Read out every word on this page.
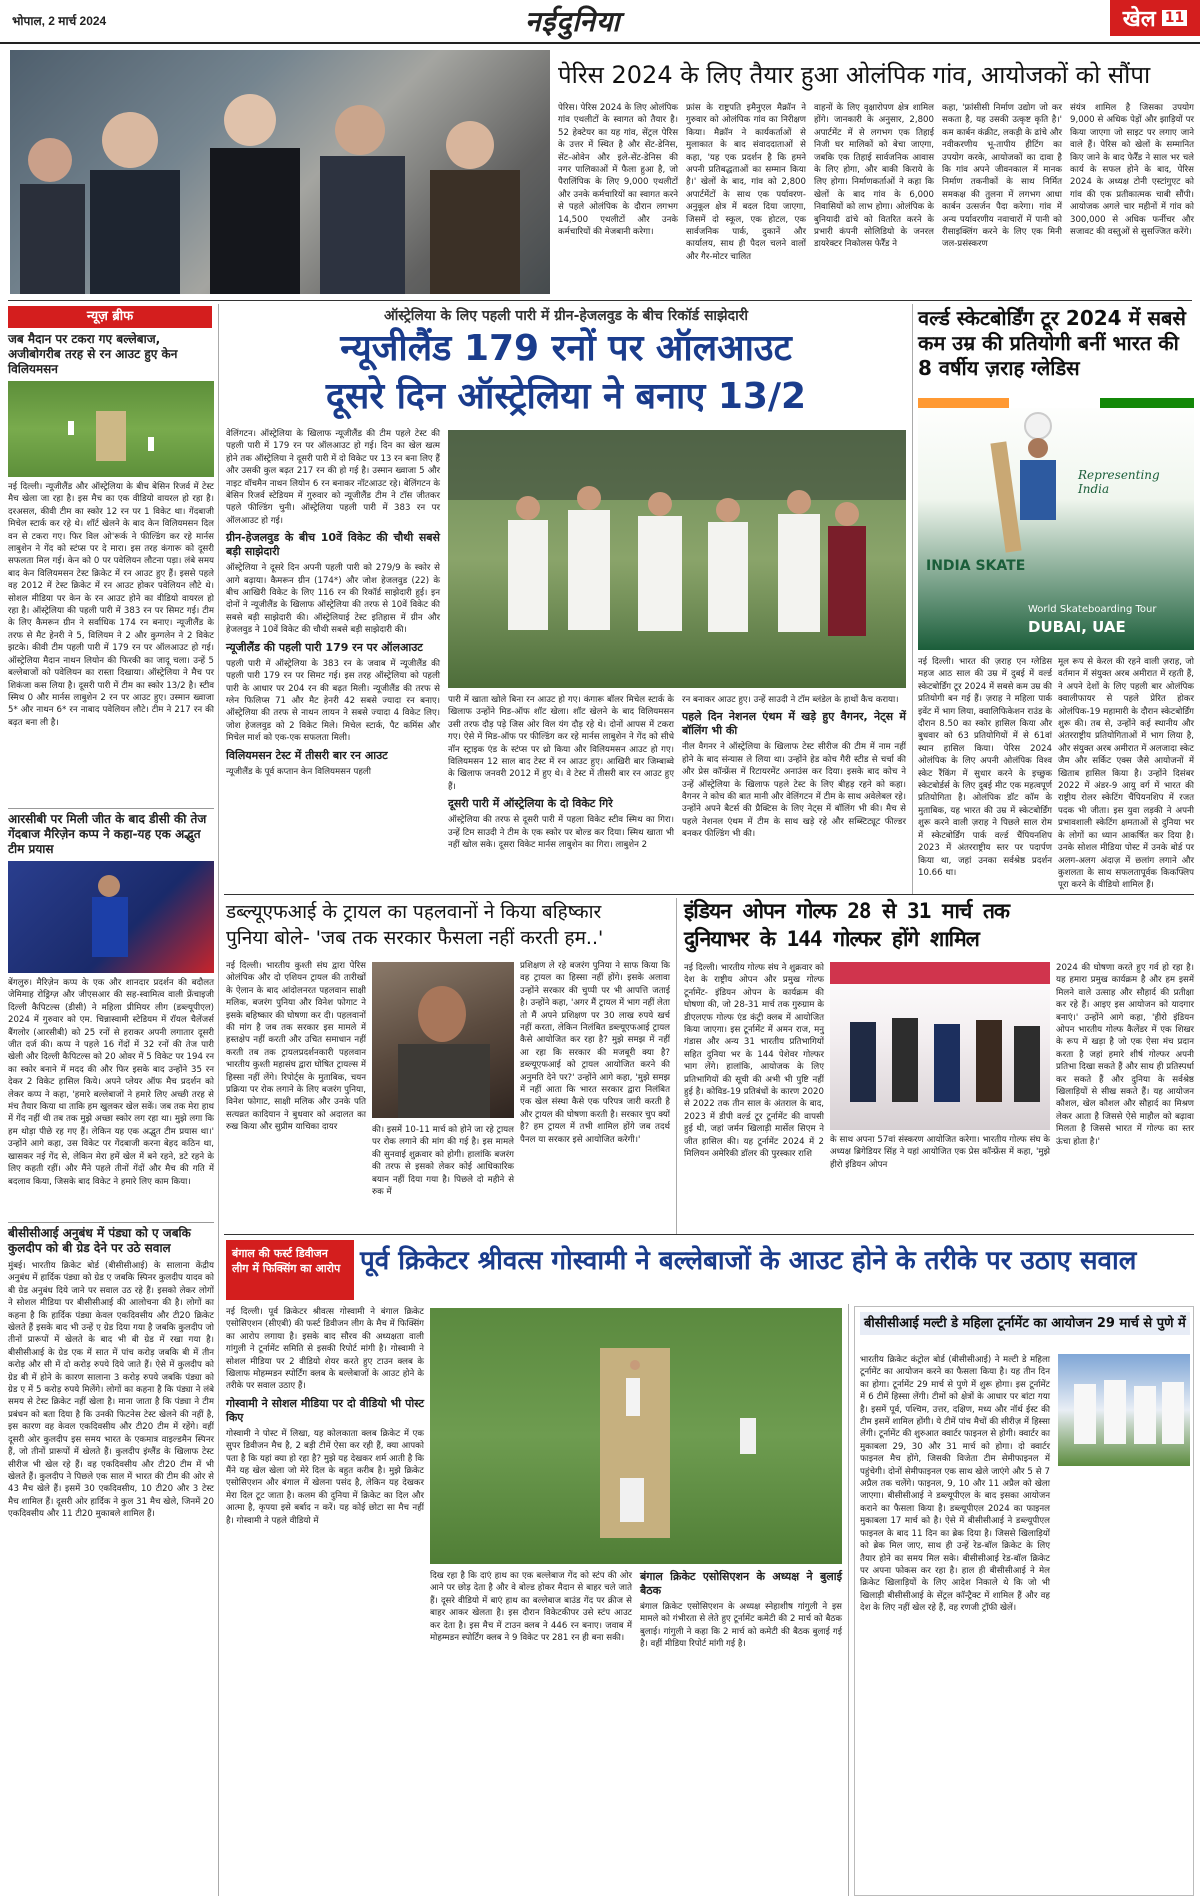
भोपाल, 2 मार्च 2024	नईदुनिया	खेल 11
पेरिस 2024 के लिए तैयार हुआ ओलंपिक गांव, आयोजकों को सौंपा
पेरिस। पेरिस 2024 के लिए ओलंपिक गांव एथलीटों के स्वागत को तैयार है। 52 हेक्टेयर का यह गांव, सेंट्रल पेरिस के उत्तर में स्थित है और सेंट-डेनिस, सेंट-ओवेन और इले-सेंट-डेनिस की नगर पालिकाओं में फैला हुआ है, जो पैरालिंपिक के लिए 9,000 एथलीटों और उनके कर्मचारियों का स्वागत करने से पहले ओलंपिक के दौरान लगभग 14,500 एथलीटों और उनके कर्मचारियों की मेजबानी करेगा।
फ्रांस के राष्ट्रपति इमैनुएल मैक्रॉन ने गुरुवार को ओलंपिक गांव का निरीक्षण किया। मैक्रॉन ने कार्यकर्ताओं से मुलाकात के बाद संवाददाताओं से कहा, 'यह एक प्रदर्शन है कि हमने अपनी प्रतिबद्धताओं का सम्मान किया है।' खेलों के बाद, गांव को 2,800 अपार्टमेंटों के साथ एक पर्यावरण-अनुकूल क्षेत्र में बदल दिया जाएगा, जिसमें दो स्कूल, एक होटल, एक सार्वजनिक पार्क, दुकानें और कार्यालय, साथ ही पैदल चलने वालों और गैर-मोटर चालित
वाहनों के लिए वृक्षारोपण क्षेत्र शामिल होंगे। जानकारी के अनुसार, 2,800 अपार्टमेंट में से लगभग एक तिहाई निजी घर मालिकों को बेचा जाएगा, जबकि एक तिहाई सार्वजनिक आवास के लिए होगा, और बाकी किराये के लिए होगा। निर्माणकर्ताओं ने कहा कि खेलों के बाद गांव के 6,000 निवासियों को लाभ होगा। ओलंपिक के बुनियादी ढांचे को वितरित करने के प्रभारी कंपनी सोलिडियो के जनरल डायरेक्टर निकोलस फेर्रैंड ने
कहा, 'फ्रांसीसी निर्माण उद्योग जो कर सकता है, यह उसकी उत्कृष्ट कृति है।' कम कार्बन कंक्रीट, लकड़ी के ढांचे और नवीकरणीय भू-तापीय हीटिंग का उपयोग करके, आयोजकों का दावा है कि गांव अपने जीवनकाल में मानक निर्माण तकनीकों के साथ निर्मित समकक्ष की तुलना में लगभग आधा कार्बन उत्सर्जन पैदा करेगा। गांव में अन्य पर्यावरणीय नवाचारों में पानी को रीसाइक्लिंग करने के लिए एक मिनी जल-प्रसंस्करण
संयंत्र शामिल है जिसका उपयोग 9,000 से अधिक पेड़ों और झाड़ियों पर किया जाएगा जो साइट पर लगाए जाने वाले हैं। पेरिस को खेलों के सम्मानित किए जाने के बाद फेर्रैंड ने साल भर चले कार्य के सफल होने के बाद, पेरिस 2024 के अध्यक्ष टोनी एस्टांगुएट को गांव की एक प्रतीकात्मक चाबी सौंपी। आयोजक अगले चार महीनों में गांव को 300,000 से अधिक फर्नीचर और सजावट की वस्तुओं से सुसज्जित करेंगे।
न्यूज़ ब्रीफ
जब मैदान पर टकरा गए बल्लेबाज, अजीबोगरीब तरह से रन आउट हुए केन विलियमसन
नई दिल्ली। न्यूजीलैंड और ऑस्ट्रेलिया के बीच बेसिन रिजर्व में टेस्ट मैच खेला जा रहा है। इस मैच का एक वीडियो वायरल हो रहा है। दरअसल, कीवी टीम का स्कोर 12 रन पर 1 विकेट था। गेंदबाजी मिचेल स्टार्क कर रहे थे। शॉर्ट खेलने के बाद केन विलियमसन दिल वन से टकरा गए। फिर विल ओ'रूर्क ने फील्डिंग कर रहे मार्नस लाबुशेन ने गेंद को स्टंप्स पर दे मारा। इस तरह कंगारू को दूसरी सफलता मिल गई। केन को 0 पर पवेलियन लौटना पड़ा। लंबे समय बाद केन विलियमसन टेस्ट क्रिकेट में रन आउट हुए हैं। इससे पहले वह 2012 में टेस्ट क्रिकेट में रन आउट होकर पवेलियन लौटे थे। सोशल मीडिया पर केन के रन आउट होने का वीडियो वायरल हो रहा है। ऑस्ट्रेलिया की पहली पारी में 383 रन पर सिमट गई। टीम के लिए कैमरून ग्रीन ने सर्वाधिक 174 रन बनाए। न्यूजीलैंड के तरफ से मैट हेनरी ने 5, विलियम ने 2 और कुग्गलेन ने 2 विकेट झटके। कीवी टीम पहली पारी में 179 रन पर ऑलआउट हो गई। ऑस्ट्रेलिया मैदान नाथन लियोन की फिरकी का जादू चला। उन्हें 5 बल्लेबाजों को पवेलियन का रास्ता दिखाया। ऑस्ट्रेलिया ने मैच पर शिकंजा कस लिया है। दूसरी पारी में टीम का स्कोर 13/2 है। स्टीव स्मिथ 0 और मार्नस लाबुशेन 2 रन पर आउट हुए। उस्मान ख्वाजा 5* और नाथन 6* रन नाबाद पवेलियन लौटे। टीम ने 217 रन की बढ़त बना ली है।
आरसीबी पर मिली जीत के बाद डीसी की तेज गेंदबाज मैरिज़ेन कप्प ने कहा-यह एक अद्भुत टीम प्रयास
बेंगलुरु। मैरिज़ेन कप्प के एक और शानदार प्रदर्शन की बदौलत जेमिमाह रोड्रिग्ज़ और जीएसआर की सह-स्वामित्व वाली फ्रेंचाइजी दिल्ली कैपिटल्स (डीसी) ने महिला प्रीमियर लीग (डब्ल्यूपीएल) 2024 में गुरुवार को एम. चिन्नास्वामी स्टेडियम में रॉयल चैलेंजर्स बैंगलोर (आरसीबी) को 25 रनों से हराकर अपनी लगातार दूसरी जीत दर्ज की। कप्प ने पहले 16 गेंदों में 32 रनों की तेज पारी खेली और दिल्ली कैपिटल्स को 20 ओवर में 5 विकेट पर 194 रन का स्कोर बनाने में मदद की और फिर इसके बाद उन्होंने 35 रन देकर 2 विकेट हासिल किये। अपने प्लेयर ऑफ मैच प्रदर्शन को लेकर कप्प ने कहा, 'हमारे बल्लेबाजों ने हमारे लिए अच्छी तरह से मंच तैयार किया था ताकि हम खुलकर खेल सकें। जब तक मेरा हाथ में गेंद नहीं थी तब तक मुझे अच्छा स्कोर लग रहा था। मुझे लगा कि हम थोड़ा पीछे रह गए हैं। लेकिन यह एक अद्भुत टीम प्रयास था।' उन्होंने आगे कहा, उस विकेट पर गेंदबाजी करना बेहद कठिन था, खासकर नई गेंद से, लेकिन मेरा हमें खेल में बने रहने, डटे रहने के लिए कहती रहीं। और मैंने पहले तीनों गेंदों और मैच की गति में बदलाव किया, जिसके बाद विकेट ने हमारे लिए काम किया।
बीसीसीआई अनुबंध में पंड्या को ए जबकि कुलदीप को बी ग्रेड देने पर उठे सवाल
मुंबई। भारतीय क्रिकेट बोर्ड (बीसीसीआई) के सालाना केंद्रीय अनुबंध में हार्दिक पंड्या को ग्रेड ए जबकि स्पिनर कुलदीप यादव को बी ग्रेड अनुबंध दिये जाने पर सवाल उठ रहे हैं। इसको लेकर लोगों ने सोशल मीडिया पर बीसीसीआई की आलोचना की है। लोगों का कहना है कि हार्दिक पंड्या केवल एकदिवसीय और टी20 क्रिकेट खेलते हैं इसके बाद भी उन्हें ए ग्रेड दिया गया है जबकि कुलदीप जो तीनों प्रारूपों में खेलते के बाद भी बी ग्रेड में रखा गया है। बीसीसीआई के ग्रेड एक में सात में पांच करोड़ जबकि बी में तीन करोड़ और सी में दो करोड़ रुपये दिये जाते हैं। ऐसे में कुलदीप को ग्रेड बी में होने के कारण सालाना 3 करोड़ रुपये जबकि पंड्या को ग्रेड ए में 5 करोड़ रुपये मिलेंगे। लोगों का कहना है कि पंड्या ने लंबे समय से टेस्ट क्रिकेट नहीं खेला है। माना जाता है कि पंड्या ने टीम प्रबंधन को बता दिया है कि उनकी फिटनेस टेस्ट खेलने की नहीं है, इस कारण वह केवल एकदिवसीय और टी20 टीम में रहेंगे। वहीं दूसरी ओर कुलदीप इस समय भारत के एकमात्र वाइल्डमैन स्पिनर हैं, जो तीनों प्रारूपों में खेलते हैं। कुलदीप इंग्लैंड के खिलाफ टेस्ट सीरीज भी खेल रहे हैं। वह एकदिवसीय और टी20 टीम में भी खेलते हैं। कुलदीप ने पिछले एक साल में भारत की टीम की ओर से 43 मैच खेले हैं। इसमें 30 एकदिवसीय, 10 टी20 और 3 टेस्ट मैच शामिल हैं। दूसरी ओर हार्दिक ने कुल 31 मैच खेले, जिनमें 20 एकदिवसीय और 11 टी20 मुकाबले शामिल हैं।
ऑस्ट्रेलिया के लिए पहली पारी में ग्रीन-हेजलवुड के बीच रिकॉर्ड साझेदारी
न्यूजीलैंड 179 रनों पर ऑलआउट
दूसरे दिन ऑस्ट्रेलिया ने बनाए 13/2
वेलिंगटन। ऑस्ट्रेलिया के खिलाफ न्यूजीलैंड की टीम पहले टेस्ट की पहली पारी में 179 रन पर ऑलआउट हो गई। दिन का खेल खत्म होने तक ऑस्ट्रेलिया ने दूसरी पारी में दो विकेट पर 13 रन बना लिए हैं और उसकी कुल बढ़त 217 रन की हो गई है। उस्मान ख्वाजा 5 और नाइट वॉचमैन नाथन लियोन 6 रन बनाकर नॉटआउट रहे। बेलिंगटन के बेसिन रिजर्व स्टेडियम में गुरुवार को न्यूजीलैंड टीम ने टॉस जीतकर पहले फील्डिंग चुनी। ऑस्ट्रेलिया पहली पारी में 383 रन पर ऑलआउट हो गई।
ग्रीन-हेजलवुड के बीच 10वें विकेट की चौथी सबसे बड़ी साझेदारी
ऑस्ट्रेलिया ने दूसरे दिन अपनी पहली पारी को 279/9 के स्कोर से आगे बढ़ाया। कैमरून ग्रीन (174*) और जोश हेजलवुड (22) के बीच आखिरी विकेट के लिए 116 रन की रिकॉर्ड साझेदारी हुई। इन दोनों ने न्यूजीलैंड के खिलाफ ऑस्ट्रेलिया की तरफ से 10वें विकेट की सबसे बड़ी साझेदारी की। ऑस्ट्रेलियाई टेस्ट इतिहास में ग्रीन और हेजलवुड ने 10वें विकेट की चौथी सबसे बड़ी साझेदारी की।
न्यूजीलैंड की पहली पारी 179 रन पर ऑलआउट
पहली पारी में ऑस्ट्रेलिया के 383 रन के जवाब में न्यूजीलैंड की पहली पारी 179 रन पर सिमट गई। इस तरह ऑस्ट्रेलिया को पहली पारी के आधार पर 204 रन की बढ़त मिली। न्यूजीलैंड की तरफ से ग्लेन फिलिप्स 71 और मैट हेनरी 42 सबसे ज्यादा रन बनाए। ऑस्ट्रेलिया की तरफ से नाथन लायन ने सबसे ज्यादा 4 विकेट लिए। जोश हेजलवुड को 2 विकेट मिले। मिचेल स्टार्क, पैट कमिंस और मिचेल मार्श को एक-एक सफलता मिली।
विलियमसन टेस्ट में तीसरी बार रन आउट
न्यूजीलैंड के पूर्व कप्तान केन विलियमसन पहली
पारी में खाता खोले बिना रन आउट हो गए। कंगारू बॉलर मिचेल स्टार्क के खिलाफ उन्होंने मिड-ऑफ शॉट खेला। शॉट खेलने के बाद विलियमसन उसी तरफ दौड़ पड़े जिस ओर विल यंग दौड़ रहे थे। दोनों आपस में टकरा गए। ऐसे में मिड-ऑफ पर फील्डिंग कर रहे मार्नस लाबुशेन ने गेंद को सीधे नॉन स्ट्राइक एंड के स्टंप्स पर थ्रो किया और विलियमसन आउट हो गए। विलियमसन 12 साल बाद टेस्ट में रन आउट हुए। आखिरी बार जिम्बाब्वे के खिलाफ जनवरी 2012 में हुए थे। वे टेस्ट में तीसरी बार रन आउट हुए हैं।
दूसरी पारी में ऑस्ट्रेलिया के दो विकेट गिरे
ऑस्ट्रेलिया की तरफ से दूसरी पारी में पहला विकेट स्टीव स्मिथ का गिरा। उन्हें टिम साउदी ने टीम के एक स्कोर पर बोल्ड कर दिया। स्मिथ खाता भी नहीं खोल सके। दूसरा विकेट मार्नस लाबुशेन का गिरा। लाबुशेन 2
रन बनाकर आउट हुए। उन्हें साउदी ने टॉम ब्लंडेल के हाथों कैच कराया।
पहले दिन नेशनल एंथम में खड़े हुए वैगनर, नेट्स में बॉलिंग भी की
नील वैगनर ने ऑस्ट्रेलिया के खिलाफ टेस्ट सीरीज की टीम में नाम नहीं होने के बाद संन्यास ले लिया था। उन्होंने हेड कोच गैरी स्टीड से चर्चा की और प्रेस कॉन्फ्रेंस में रिटायरमेंट अनाउंस कर दिया। इसके बाद कोच ने उन्हें ऑस्ट्रेलिया के खिलाफ पहले टेस्ट के लिए बीहड़ रहने को कहा। वैगनर ने कोच की बात मानी और वेलिंगटन में टीम के साथ अवेलेबल रहे। उन्होंने अपने बैटर्स की प्रैक्टिस के लिए नेट्स में बॉलिंग भी की। मैच से पहले नेशनल एंथम में टीम के साथ खड़े रहे और सब्स्टिट्यूट फील्डर बनकर फील्डिंग भी की।
वर्ल्ड स्केटबोर्डिंग टूर 2024 में सबसे कम उम्र की प्रतियोगी बनीं भारत की 8 वर्षीय ज़राह ग्लेडिस
Representing India
INDIA SKATE
World Skateboarding Tour
DUBAI, UAE
नई दिल्ली। भारत की ज़राह एन ग्लेडिस महज आठ साल की उम्र में दुबई में वर्ल्ड स्केटबोर्डिंग टूर 2024 में सबसे कम उम्र की प्रतियोगी बन गई हैं। ज़राह ने महिला पार्क इवेंट में भाग लिया, क्वालिफिकेशन राउंड के दौरान 8.50 का स्कोर हासिल किया और बुधवार को 63 प्रतियोगियों में से 61वां स्थान हासिल किया। पेरिस 2024 ओलंपिक के लिए अपनी ओलंपिक विश्व स्केट रैंकिंग में सुधार करने के इच्छुक स्केटबोर्डर्स के लिए दुबई मीट एक महत्वपूर्ण प्रतियोगिता है। ओलंपिक डॉट कॉम के मुताबिक, यह भारत की उम्र में स्केटबोर्डिंग शुरू करने वाली ज़राह ने पिछले साल रोम में स्केटबोर्डिंग पार्क वर्ल्ड चैंपियनशिप 2023 में अंतरराष्ट्रीय स्तर पर पदार्पण किया था, जहां उनका सर्वश्रेष्ठ प्रदर्शन 10.66 था।
मूल रूप से केरल की रहने वाली ज़राह, जो वर्तमान में संयुक्त अरब अमीरात में रहती हैं, ने अपने देशों के लिए पहली बार ओलंपिक क्वालीफायर से पहले प्रेरित होकर ओलंपिक-19 महामारी के दौरान स्केटबोर्डिंग शुरू की। तब से, उन्होंने कई स्थानीय और अंतरराष्ट्रीय प्रतियोगिताओं में भाग लिया है, और संयुक्त अरब अमीरात में अलजादा स्केट जैम और सर्किट एक्स जैसे आयोजनों में खिताब हासिल किया है। उन्होंने दिसंबर 2022 में अंडर-9 आयु वर्ग में भारत की राष्ट्रीय रोलर स्केटिंग चैंपियनशिप में रजत पदक भी जीता। इस युवा लड़की ने अपनी प्रभावशाली स्केटिंग क्षमताओं से दुनिया भर के लोगों का ध्यान आकर्षित कर दिया है। उनके सोशल मीडिया पोस्ट में उनके बोर्ड पर अलग-अलग अंदाज़ में छलांग लगाने और कुशलता के साथ सफलतापूर्वक किकफ्लिप पूरा करने के वीडियो शामिल हैं।
डब्ल्यूएफआई के ट्रायल का पहलवानों ने किया बहिष्कार
पुनिया बोले- 'जब तक सरकार फैसला नहीं करती हम..'
नई दिल्ली। भारतीय कुश्ती संघ द्वारा पेरिस ओलंपिक और दो एशियन ट्रायल की तारीखों के ऐलान के बाद आंदोलनरत पहलवान साक्षी मलिक, बजरंग पुनिया और विनेश फोगाट ने इसके बहिष्कार की घोषणा कर दी। पहलवानों की मांग है जब तक सरकार इस मामले में हस्तक्षेप नहीं करती और उचित समाधान नहीं करती तब तक ट्रायलप्रदर्शनकारी पहलवान भारतीय कुश्ती महासंघ द्वारा घोषित ट्रायल्स में हिस्सा नहीं लेंगे। रिपोर्ट्स के मुताबिक, चयन प्रक्रिया पर रोक लगाने के लिए बजरंग पुनिया, विनेश फोगाट, साक्षी मलिक और उनके पति सत्यव्रत कादियान ने बुधवार को अदालत का रुख किया और सुप्रीम याचिका दायर	की। इसमें 10-11 मार्च को होने जा रहे ट्रायल पर रोक लगाने की मांग की गई है। इस मामले की सुनवाई शुक्रवार को होगी। हालांकि बजरंग की तरफ से इसको लेकर कोई आधिकारिक बयान नहीं दिया गया है। पिछले दो महीने से रुक में
प्रशिक्षण ले रहे बजरंग पुनिया ने साफ किया कि वह ट्रायल का हिस्सा नहीं होंगे। इसके अलावा उन्होंने सरकार की चुप्पी पर भी आपत्ति जताई है। उन्होंने कहा, 'अगर मैं ट्रायल में भाग नहीं लेता तो मैं अपने प्रशिक्षण पर 30 लाख रुपये खर्च नहीं करता, लेकिन निलंबित डब्ल्यूएफआई ट्रायल कैसे आयोजित कर रहा है? मुझे समझ में नहीं आ रहा कि सरकार की मजबूरी क्या है? डब्ल्यूएफआई को ट्रायल आयोजित करने की अनुमति देने पर?' उन्होंने आगे कहा, 'मुझे समझ में नहीं आता कि भारत सरकार द्वारा निलंबित एक खेल संस्था कैसे एक परिपत्र जारी करती है और ट्रायल की घोषणा करती है। सरकार चुप क्यों है? हम ट्रायल में तभी शामिल होंगे जब तदर्थ पैनल या सरकार इसे आयोजित करेगी।'
इंडियन ओपन गोल्फ 28 से 31 मार्च तक
दुनियाभर के 144 गोल्फर होंगे शामिल
नई दिल्ली। भारतीय गोल्फ संघ ने शुक्रवार को देश के राष्ट्रीय ओपन और प्रमुख गोल्फ टूर्नामेंट- इंडियन ओपन के कार्यक्रम की घोषणा की, जो 28-31 मार्च तक गुरुग्राम के डीएलएफ गोल्फ एंड कंट्री क्लब में आयोजित किया जाएगा। इस टूर्नामेंट में अमन राज, मनु गंडास और अन्य 31 भारतीय प्रतिभागियों सहित दुनिया भर के 144 पेशेवर गोल्फर भाग लेंगे। हालांकि, आयोजक के लिए प्रतिभागियों की सूची की अभी भी पुष्टि नहीं हुई है। कोविड-19 प्रतिबंधों के कारण 2020 से 2022 तक तीन साल के अंतराल के बाद, 2023 में डीपी वर्ल्ड टूर टूर्नामेंट की वापसी हुई थी, जहां जर्मन खिलाड़ी मार्सेल सिएम ने जीत हासिल की। यह टूर्नामेंट 2024 में 2 मिलियन अमेरिकी डॉलर की पुरस्कार राशि
के साथ अपना 57वां संस्करण आयोजित करेगा। भारतीय गोल्फ संघ के अध्यक्ष ब्रिगेडियर सिंह ने यहां आयोजित एक प्रेस कॉन्फ्रेंस में कहा, 'मुझे हीरो इंडियन ओपन
2024 की घोषणा करते हुए गर्व हो रहा है। यह हमारा प्रमुख कार्यक्रम है और हम इसमें मिलने वाले उत्साह और सौहार्द की प्रतीक्षा कर रहे हैं। आइए इस आयोजन को यादगार बनाएं।' उन्होंने आगे कहा, 'हीरो इंडियन ओपन भारतीय गोल्फ कैलेंडर में एक शिखर के रूप में खड़ा है जो एक ऐसा मंच प्रदान करता है जहां हमारे शीर्ष गोल्फर अपनी प्रतिभा दिखा सकते हैं और साथ ही प्रतिस्पर्धा कर सकते हैं और दुनिया के सर्वश्रेष्ठ खिलाड़ियों से सीख सकते हैं। यह आयोजन कौशल, खेल कौशल और सौहार्द का मिश्रण लेकर आता है जिससे ऐसे माहौल को बढ़ावा मिलता है जिससे भारत में गोल्फ का स्तर ऊंचा होता है।'
बंगाल की फर्स्ट डिवीजन लीग में फिक्सिंग का आरोप पूर्व क्रिकेटर श्रीवत्स गोस्वामी ने बल्लेबाजों के आउट होने के तरीके पर उठाए सवाल
नई दिल्ली। पूर्व क्रिकेटर श्रीवत्स गोस्वामी ने बंगाल क्रिकेट एसोसिएशन (सीएबी) की फर्स्ट डिवीजन लीग के मैच में फिक्सिंग का आरोप लगाया है। इसके बाद सौरव की अध्यक्षता वाली गांगुली ने टूर्नामेंट समिति से इसकी रिपोर्ट मांगी है। गोस्वामी ने सोशल मीडिया पर 2 वीडियो शेयर करते हुए टाउन क्लब के खिलाफ मोहम्मडन स्पोर्टिंग क्लब के बल्लेबाजों के आउट होने के तरीके पर सवाल उठाए हैं।
गोस्वामी ने सोशल मीडिया पर दो वीडियो भी पोस्ट किए
गोस्वामी ने पोस्ट में लिखा, यह कोलकाता क्लब क्रिकेट में एक सुपर डिवीजन मैच है, 2 बड़ी टीमें ऐसा कर रही हैं, क्या आपको पता है कि यहां क्या हो रहा है? मुझे यह देखकर शर्म आती है कि मैंने यह खेल खेला जो मेरे दिल के बहुत करीब है। मुझे क्रिकेट एसोसिएशन और बंगाल में खेलना पसंद है, लेकिन यह देखकर मेरा दिल टूट जाता है। कलम की दुनिया में क्रिकेट का दिल और आत्मा है, कृपया इसे बर्बाद न करें। यह कोई छोटा सा मैच नहीं है। गोस्वामी ने पहले वीडियो में
दिख रहा है कि दाएं हाथ का एक बल्लेबाज गेंद को स्टंप की ओर आने पर छोड़ देता है और वे बोल्ड होकर मैदान से बाहर चले जाते हैं। दूसरे वीडियो में बाएं हाथ का बल्लेबाज बाउंड गेंद पर क्रीज से बाहर आकर खेलता है। इस दौरान विकेटकीपर उसे स्टंप आउट कर देता है। इस मैच में टाउन क्लब ने 446 रन बनाए। जवाब में मोहम्मडन स्पोर्टिंग क्लब ने 9 विकेट पर 281 रन ही बना सकी।
बंगाल क्रिकेट एसोसिएशन के अध्यक्ष ने बुलाई बैठक
बंगाल क्रिकेट एसोसिएशन के अध्यक्ष स्नेहाशीष गांगुली ने इस मामले को गंभीरता से लेते हुए टूर्नामेंट कमेटी की 2 मार्च को बैठक बुलाई। गांगुली ने कहा कि 2 मार्च को कमेटी की बैठक बुलाई गई है। वहीं मीडिया रिपोर्ट मांगी गई है।
बीसीसीआई मल्टी डे महिला टूर्नामेंट का आयोजन 29 मार्च से पुणे में
भारतीय क्रिकेट कंट्रोल बोर्ड (बीसीसीआई) ने मल्टी डे महिला टूर्नामेंट का आयोजन करने का फैसला किया है। यह तीन दिन का होगा। टूर्नामेंट 29 मार्च से पुणे में शुरू होगा। इस टूर्नामेंट में 6 टीमें हिस्सा लेंगी। टीमों को क्षेत्रों के आधार पर बांटा गया है। इसमें पूर्व, पश्चिम, उत्तर, दक्षिण, मध्य और नॉर्थ ईस्ट की टीम इसमें शामिल होंगी। ये टीमें पांच मैचों की सीरीज़ में हिस्सा लेंगी। टूर्नामेंट की शुरुआत क्वार्टर फाइनल से होगी। क्वार्टर का मुकाबला 29, 30 और 31 मार्च को होगा। दो क्वार्टर फाइनल मैच होंगे, जिसकी विजेता टीम सेमीफाइनल में पहुंचेगी। दोनों सेमीफाइनल एक साथ खेले जाएंगे और 5 से 7 अप्रैल तक चलेंगे। फाइनल, 9, 10 और 11 अप्रैल को खेला जाएगा। बीसीसीआई ने डब्ल्यूपीएल के बाद इसका आयोजन कराने का फैसला किया है। डब्ल्यूपीएल 2024 का फाइनल मुकाबला 17 मार्च को है। ऐसे में बीसीसीआई ने डब्ल्यूपीएल फाइनल के बाद 11 दिन का ब्रेक दिया है। जिससे खिलाड़ियों को ब्रेक मिल जाए, साथ ही उन्हें रेड-बॉल क्रिकेट के लिए तैयार होने का समय मिल सके। बीसीसीआई रेड-बॉल क्रिकेट पर अपना फोकस कर रहा है। हाल ही बीसीसीआई ने मेल क्रिकेट खिलाड़ियों के लिए आदेश निकाले थे कि जो भी खिलाड़ी बीसीसीआई के सेंट्रल कॉन्ट्रैक्ट में शामिल हैं और वह देश के लिए नहीं खेल रहे हैं, वह रणजी ट्रॉफी खेलें।
